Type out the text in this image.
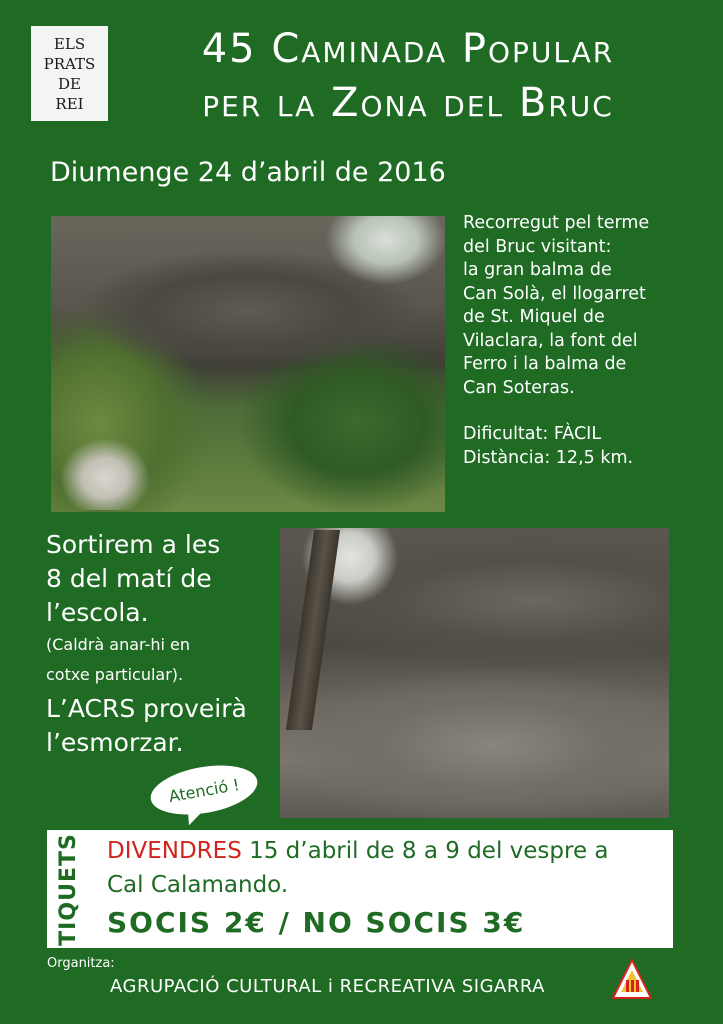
ELS
PRATS
DE
REI
45 Caminada Popular
per la Zona del Bruc
Diumenge 24 d’abril de 2016
Recorregut pel terme
del Bruc visitant:
la gran balma de
Can Solà, el llogarret
de St. Miquel de
Vilaclara, la font del
Ferro i la balma de
Can Soteras.
Dificultat: FÀCIL
Distància: 12,5 km.
Sortirem a les
8 del matí de
l’escola.
(Caldrà anar-hi en
cotxe particular).
L’ACRS proveirà
l’esmorzar.
Atenció !
TIQUETS DIVENDRES 15 d’abril de 8 a 9 del vespre a
Cal Calamando.
SOCIS 2€ / NO SOCIS 3€
Organitza:
AGRUPACIÓ CULTURAL i RECREATIVA SIGARRA
